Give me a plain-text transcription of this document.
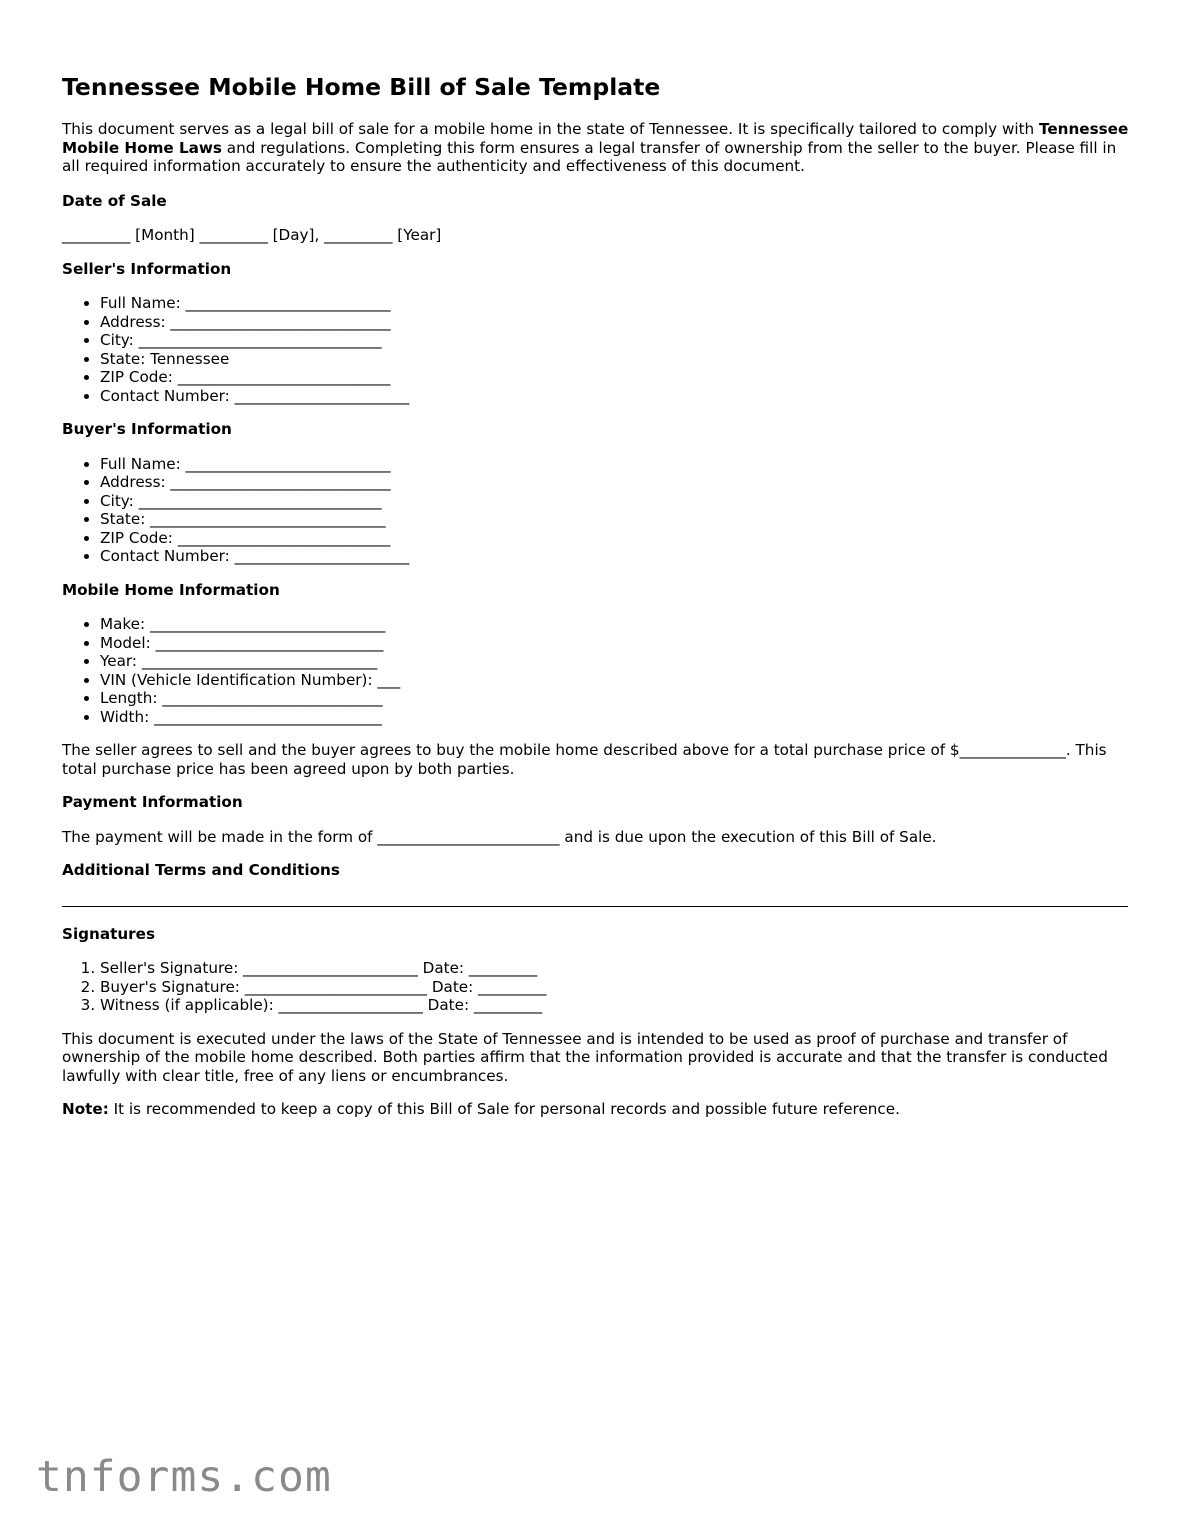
Tennessee Mobile Home Bill of Sale Template

This document serves as a legal bill of sale for a mobile home in the state of Tennessee. It is specifically tailored to comply with Tennessee Mobile Home Laws and regulations. Completing this form ensures a legal transfer of ownership from the seller to the buyer. Please fill in all required information accurately to ensure the authenticity and effectiveness of this document.

Date of Sale

_________ [Month] _________ [Day], _________ [Year]

Seller's Information
• Full Name: ___________________________
• Address: _____________________________
• City: ________________________________
• State: Tennessee
• ZIP Code: ____________________________
• Contact Number: _______________________
Buyer's Information
• Full Name: ___________________________
• Address: _____________________________
• City: ________________________________
• State: _______________________________
• ZIP Code: ____________________________
• Contact Number: _______________________
Mobile Home Information
• Make: _______________________________
• Model: ______________________________
• Year: _______________________________
• VIN (Vehicle Identification Number): ___
• Length: _____________________________
• Width: ______________________________

The seller agrees to sell and the buyer agrees to buy the mobile home described above for a total purchase price of $______________. This total purchase price has been agreed upon by both parties.

Payment Information

The payment will be made in the form of ________________________ and is due upon the execution of this Bill of Sale.

Additional Terms and Conditions
Signatures
1. Seller's Signature: _______________________ Date: _________
2. Buyer's Signature: ________________________ Date: _________
3. Witness (if applicable): ___________________ Date: _________

This document is executed under the laws of the State of Tennessee and is intended to be used as proof of purchase and transfer of ownership of the mobile home described. Both parties affirm that the information provided is accurate and that the transfer is conducted lawfully with clear title, free of any liens or encumbrances.

Note: It is recommended to keep a copy of this Bill of Sale for personal records and possible future reference.

tnforms.com
